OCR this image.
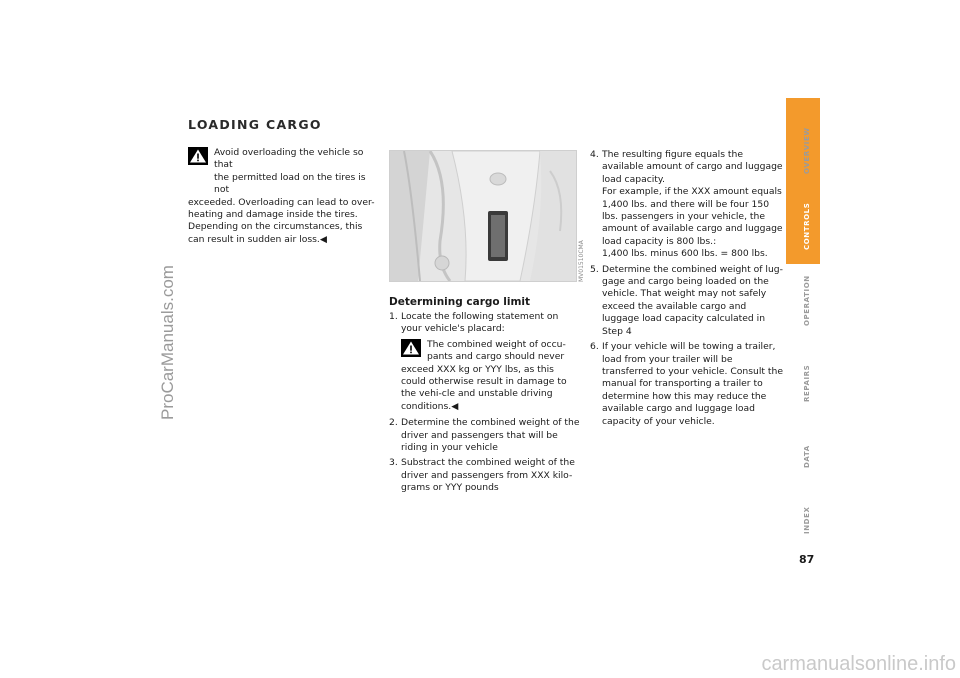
ProCarManuals.com
LOADING CARGO
Avoid overloading the vehicle so that
the permitted load on the tires is not
exceeded. Overloading can lead to over-heating and damage inside the tires. Depending on the circumstances, this can result in sudden air loss.◀
MV01510CMA
Determining cargo limit
1. Locate the following statement on your vehicle's placard:
The combined weight of occu-
pants and cargo should never
exceed XXX kg or YYY lbs, as this could otherwise result in damage to the vehi-cle and unstable driving conditions.◀
2. Determine the combined weight of the driver and passengers that will be riding in your vehicle
3. Substract the combined weight of the driver and passengers from XXX kilo-grams or YYY pounds
4. The resulting figure equals the available amount of cargo and luggage load capacity.
For example, if the XXX amount equals 1,400 lbs. and there will be four 150 lbs. passengers in your vehicle, the amount of available cargo and luggage load capacity is 800 lbs.:
1,400 lbs. minus 600 lbs. = 800 lbs.
5. Determine the combined weight of lug-gage and cargo being loaded on the vehicle. That weight may not safely exceed the available cargo and luggage load capacity calculated in Step 4
6. If your vehicle will be towing a trailer, load from your trailer will be transferred to your vehicle. Consult the manual for transporting a trailer to determine how this may reduce the available cargo and luggage load capacity of your vehicle.
OVERVIEW
CONTROLS
OPERATION
REPAIRS
DATA
INDEX
87
carmanualsonline.info
